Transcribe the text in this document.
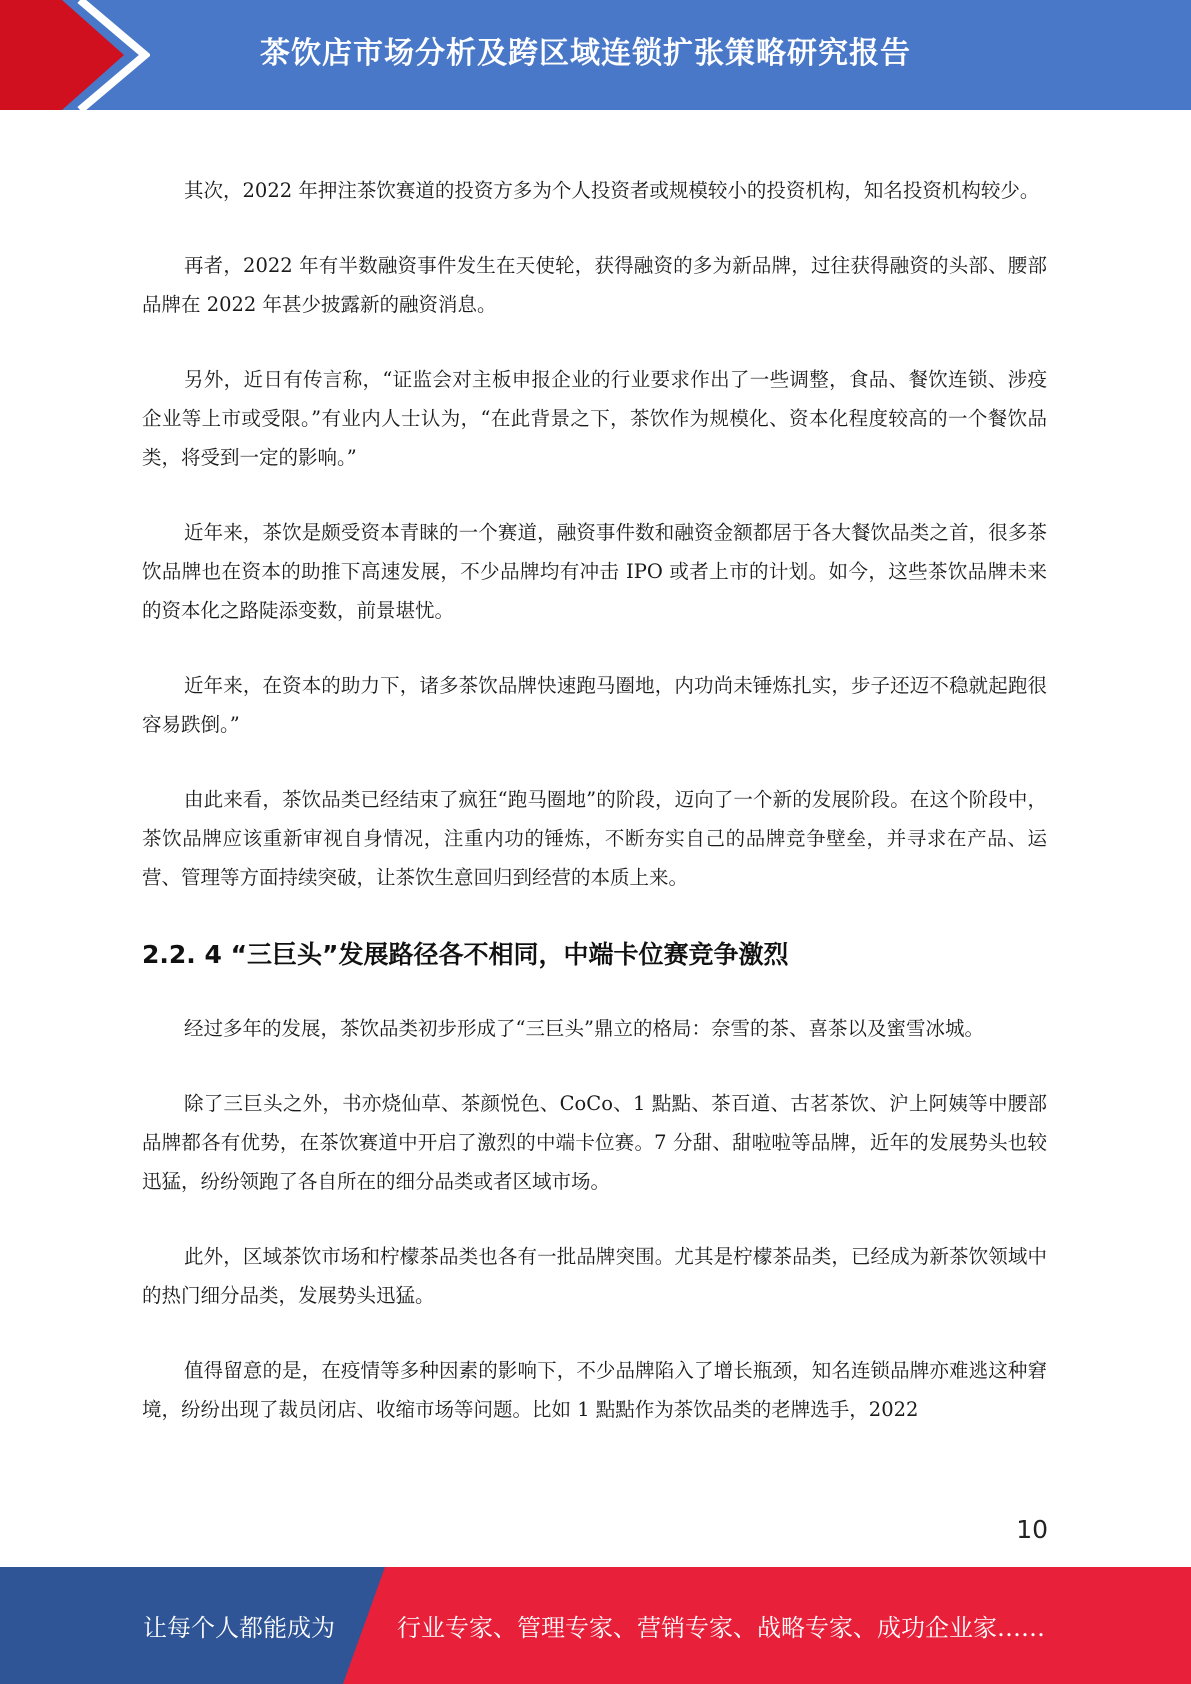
茶饮店市场分析及跨区域连锁扩张策略研究报告

其次，2022 年押注茶饮赛道的投资方多为个人投资者或规模较小的投资机构，知名投资机构较少。

再者，2022 年有半数融资事件发生在天使轮，获得融资的多为新品牌，过往获得融资的头部、腰部品牌在 2022 年甚少披露新的融资消息。

另外，近日有传言称，“证监会对主板申报企业的行业要求作出了一些调整，食品、餐饮连锁、涉疫企业等上市或受限。”有业内人士认为，“在此背景之下，茶饮作为规模化、资本化程度较高的一个餐饮品类，将受到一定的影响。”

近年来，茶饮是颇受资本青睐的一个赛道，融资事件数和融资金额都居于各大餐饮品类之首，很多茶饮品牌也在资本的助推下高速发展，不少品牌均有冲击 IPO 或者上市的计划。如今，这些茶饮品牌未来的资本化之路陡添变数，前景堪忧。

近年来，在资本的助力下，诸多茶饮品牌快速跑马圈地，内功尚未锤炼扎实，步子还迈不稳就起跑很容易跌倒。”

由此来看，茶饮品类已经结束了疯狂“跑马圈地”的阶段，迈向了一个新的发展阶段。在这个阶段中，茶饮品牌应该重新审视自身情况，注重内功的锤炼，不断夯实自己的品牌竞争壁垒，并寻求在产品、运营、管理等方面持续突破，让茶饮生意回归到经营的本质上来。

2.2. 4 “三巨头”发展路径各不相同，中端卡位赛竞争激烈

经过多年的发展，茶饮品类初步形成了“三巨头”鼎立的格局：奈雪的茶、喜茶以及蜜雪冰城。

除了三巨头之外，书亦烧仙草、茶颜悦色、CoCo、1 點點、茶百道、古茗茶饮、沪上阿姨等中腰部品牌都各有优势，在茶饮赛道中开启了激烈的中端卡位赛。7 分甜、甜啦啦等品牌，近年的发展势头也较迅猛，纷纷领跑了各自所在的细分品类或者区域市场。

此外，区域茶饮市场和柠檬茶品类也各有一批品牌突围。尤其是柠檬茶品类，已经成为新茶饮领域中的热门细分品类，发展势头迅猛。

值得留意的是，在疫情等多种因素的影响下，不少品牌陷入了增长瓶颈，知名连锁品牌亦难逃这种窘境，纷纷出现了裁员闭店、收缩市场等问题。比如 1 點點作为茶饮品类的老牌选手，2022

10
让每个人都能成为	行业专家、管理专家、营销专家、战略专家、成功企业家……
